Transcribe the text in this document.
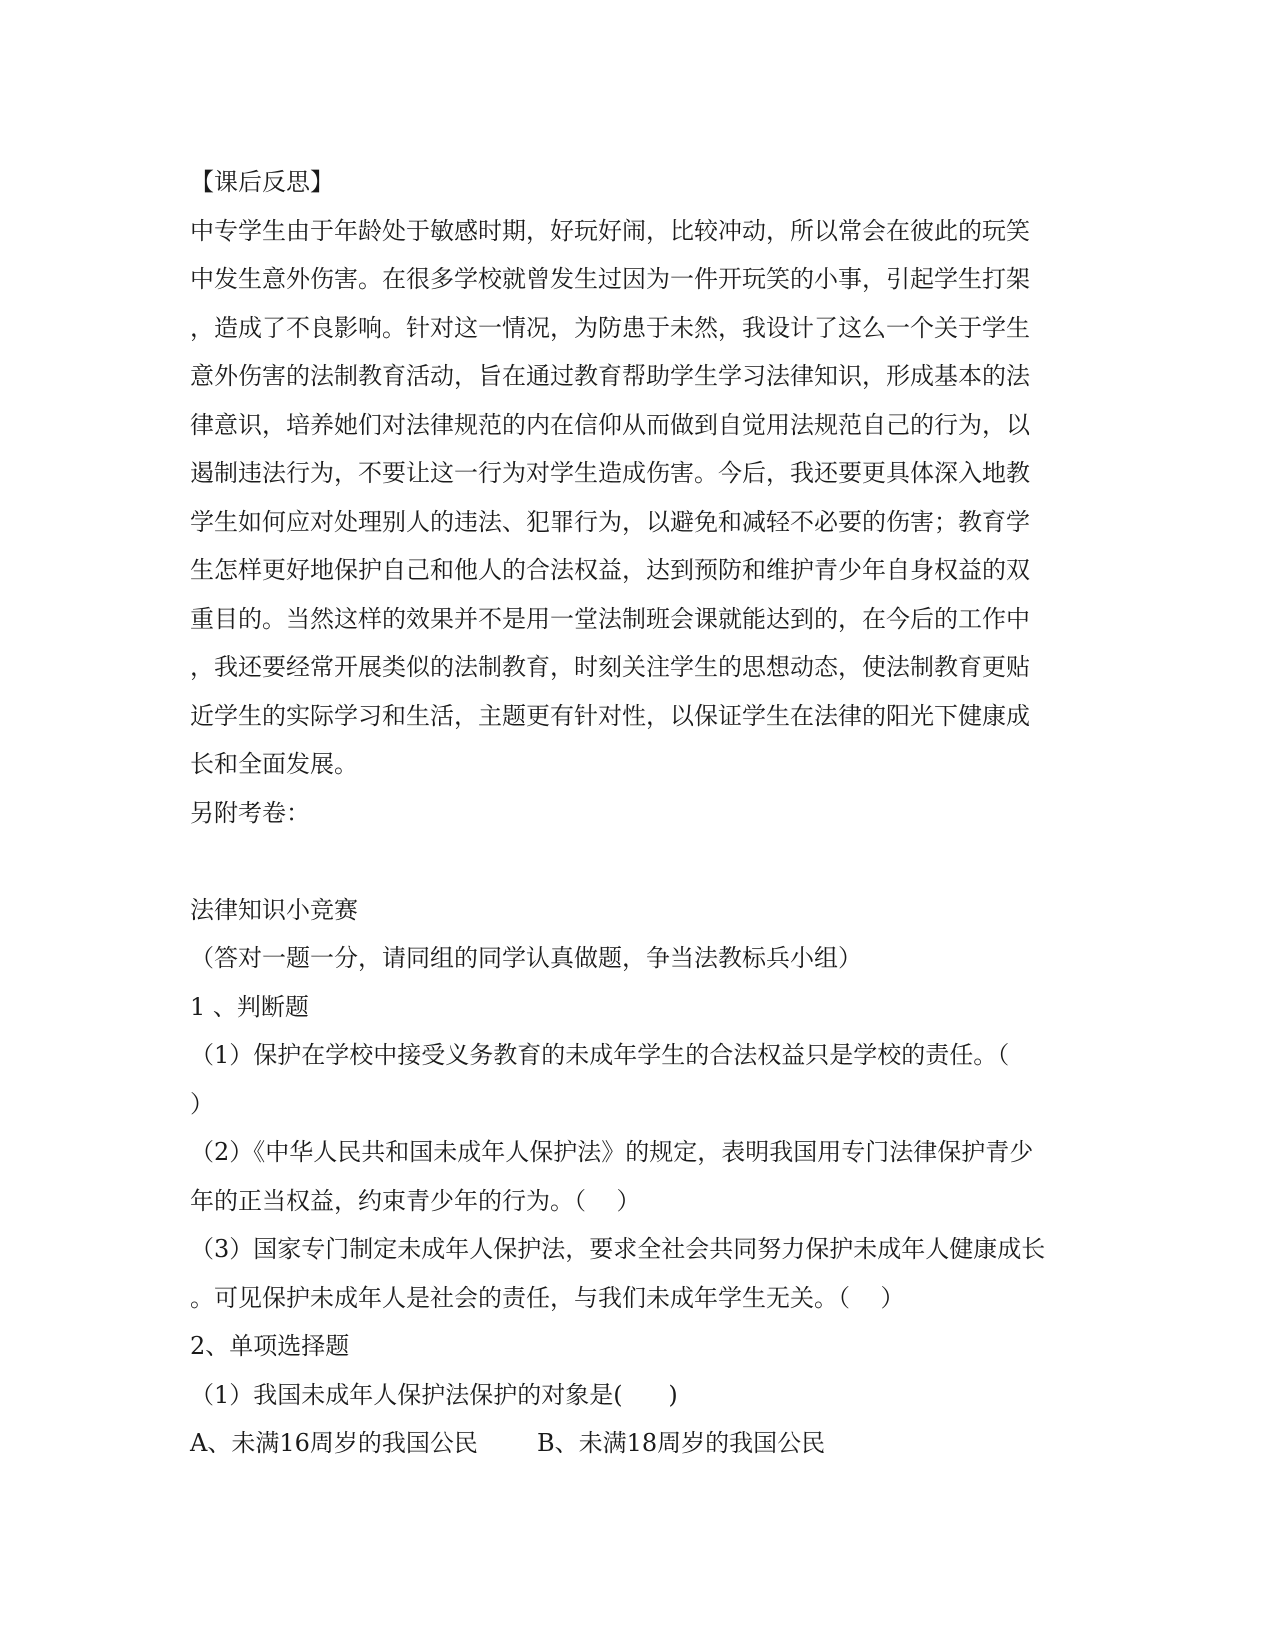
【课后反思】
中专学生由于年龄处于敏感时期，好玩好闹，比较冲动，所以常会在彼此的玩笑
中发生意外伤害。在很多学校就曾发生过因为一件开玩笑的小事，引起学生打架
，造成了不良影响。针对这一情况，为防患于未然，我设计了这么一个关于学生
意外伤害的法制教育活动，旨在通过教育帮助学生学习法律知识，形成基本的法
律意识，培养她们对法律规范的内在信仰从而做到自觉用法规范自己的行为，以
遏制违法行为，不要让这一行为对学生造成伤害。今后，我还要更具体深入地教
学生如何应对处理别人的违法、犯罪行为，以避免和减轻不必要的伤害；教育学
生怎样更好地保护自己和他人的合法权益，达到预防和维护青少年自身权益的双
重目的。当然这样的效果并不是用一堂法制班会课就能达到的，在今后的工作中
，我还要经常开展类似的法制教育，时刻关注学生的思想动态，使法制教育更贴
近学生的实际学习和生活，主题更有针对性，以保证学生在法律的阳光下健康成
长和全面发展。
另附考卷：
法律知识小竞赛
（答对一题一分，请同组的同学认真做题，争当法教标兵小组）
1 、判断题
（1）保护在学校中接受义务教育的未成年学生的合法权益只是学校的责任。（
）
（2）《中华人民共和国未成年人保护法》的规定，表明我国用专门法律保护青少
年的正当权益，约束青少年的行为。（    ）
（3）国家专门制定未成年人保护法，要求全社会共同努力保护未成年人健康成长
。可见保护未成年人是社会的责任，与我们未成年学生无关。（    ）
2、单项选择题
（1）我国未成年人保护法保护的对象是(      )

A、未满16周岁的我国公民

B、未满18周岁的我国公民
